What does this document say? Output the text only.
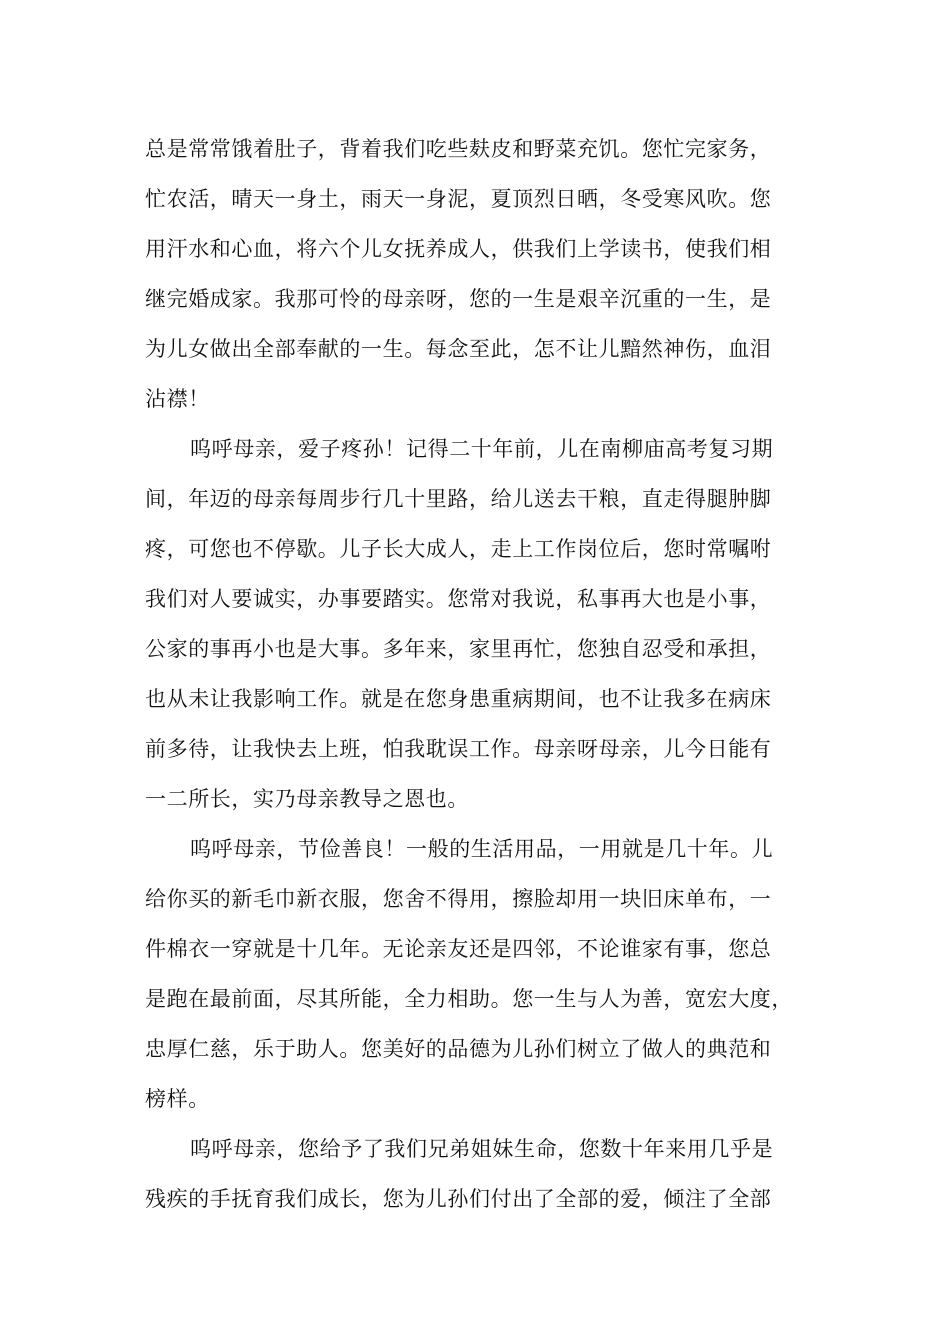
总是常常饿着肚子，背着我们吃些麸皮和野菜充饥。您忙完家务，
忙农活，晴天一身土，雨天一身泥，夏顶烈日晒，冬受寒风吹。您
用汗水和心血，将六个儿女抚养成人，供我们上学读书，使我们相
继完婚成家。我那可怜的母亲呀，您的一生是艰辛沉重的一生，是
为儿女做出全部奉献的一生。每念至此，怎不让儿黯然神伤，血泪
沾襟！
呜呼母亲，爱子疼孙！记得二十年前，儿在南柳庙高考复习期
间，年迈的母亲每周步行几十里路，给儿送去干粮，直走得腿肿脚
疼，可您也不停歇。儿子长大成人，走上工作岗位后，您时常嘱咐
我们对人要诚实，办事要踏实。您常对我说，私事再大也是小事，
公家的事再小也是大事。多年来，家里再忙，您独自忍受和承担，
也从未让我影响工作。就是在您身患重病期间，也不让我多在病床
前多待，让我快去上班，怕我耽误工作。母亲呀母亲，儿今日能有
一二所长，实乃母亲教导之恩也。
呜呼母亲，节俭善良！一般的生活用品，一用就是几十年。儿
给你买的新毛巾新衣服，您舍不得用，擦脸却用一块旧床单布，一
件棉衣一穿就是十几年。无论亲友还是四邻，不论谁家有事，您总
是跑在最前面，尽其所能，全力相助。您一生与人为善，宽宏大度，
忠厚仁慈，乐于助人。您美好的品德为儿孙们树立了做人的典范和
榜样。
呜呼母亲，您给予了我们兄弟姐妹生命，您数十年来用几乎是
残疾的手抚育我们成长，您为儿孙们付出了全部的爱，倾注了全部
